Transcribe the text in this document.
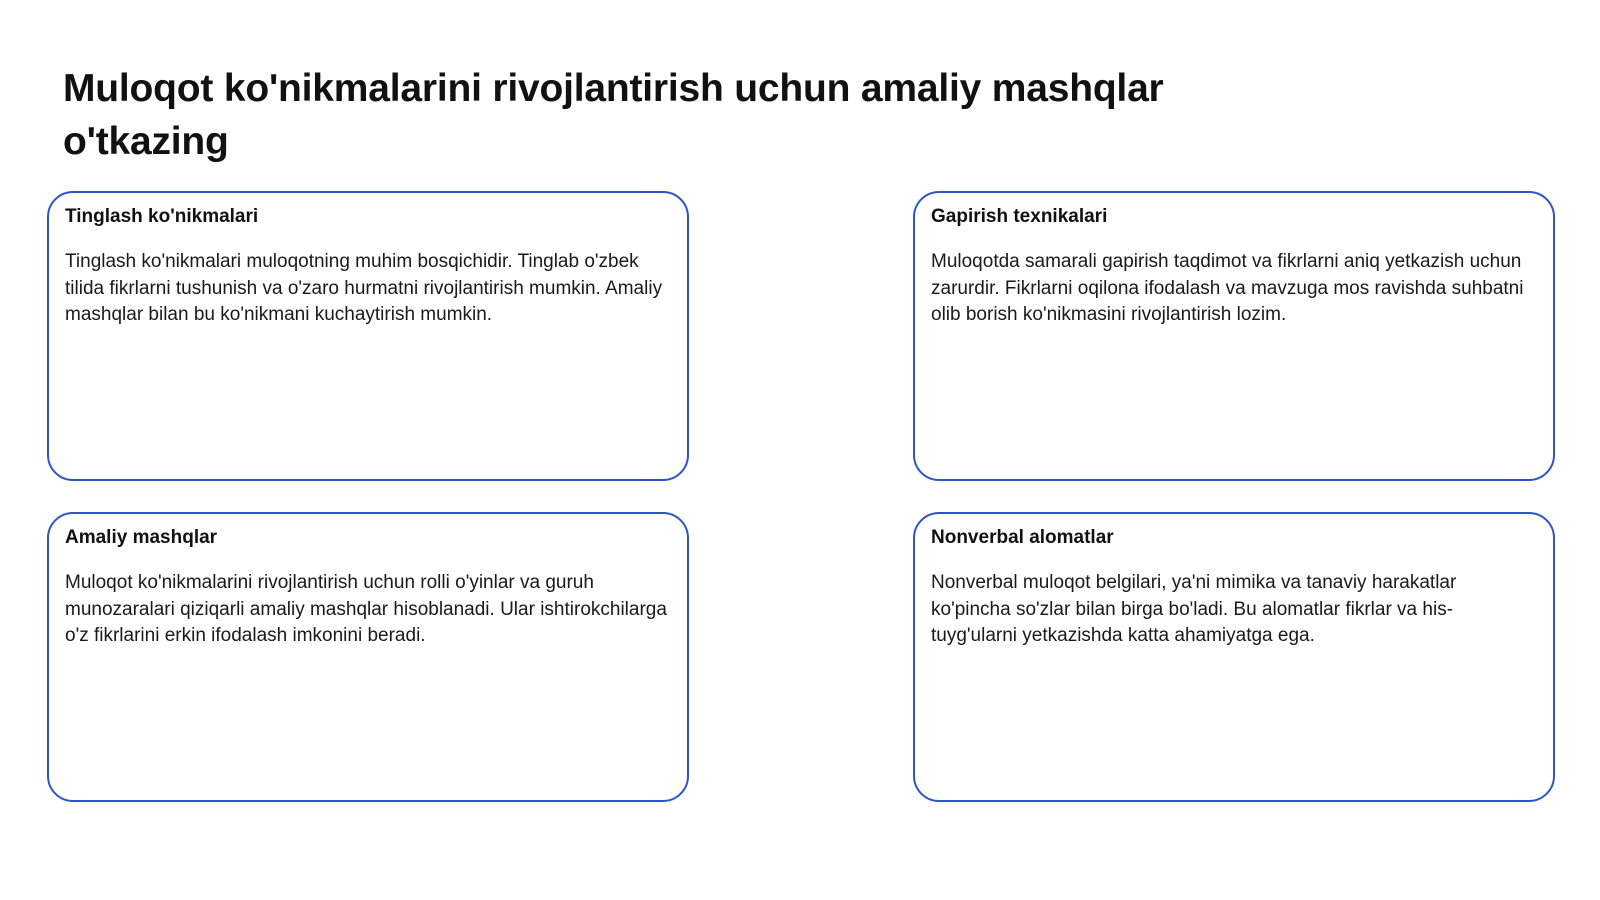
Muloqot ko'nikmalarini rivojlantirish uchun amaliy mashqlar
o'tkazing
Tinglash ko'nikmalari

Tinglash ko'nikmalari muloqotning muhim bosqichidir. Tinglab o'zbek tilida fikrlarni tushunish va o'zaro hurmatni rivojlantirish mumkin. Amaliy mashqlar bilan bu ko'nikmani kuchaytirish mumkin.

Gapirish texnikalari

Muloqotda samarali gapirish taqdimot va fikrlarni aniq yetkazish uchun zarurdir. Fikrlarni oqilona ifodalash va mavzuga mos ravishda suhbatni olib borish ko'nikmasini rivojlantirish lozim.

Amaliy mashqlar

Muloqot ko'nikmalarini rivojlantirish uchun rolli o'yinlar va guruh munozaralari qiziqarli amaliy mashqlar hisoblanadi. Ular ishtirokchilarga o'z fikrlarini erkin ifodalash imkonini beradi.

Nonverbal alomatlar

Nonverbal muloqot belgilari, ya'ni mimika va tanaviy harakatlar ko'pincha so'zlar bilan birga bo'ladi. Bu alomatlar fikrlar va his-tuyg'ularni yetkazishda katta ahamiyatga ega.
